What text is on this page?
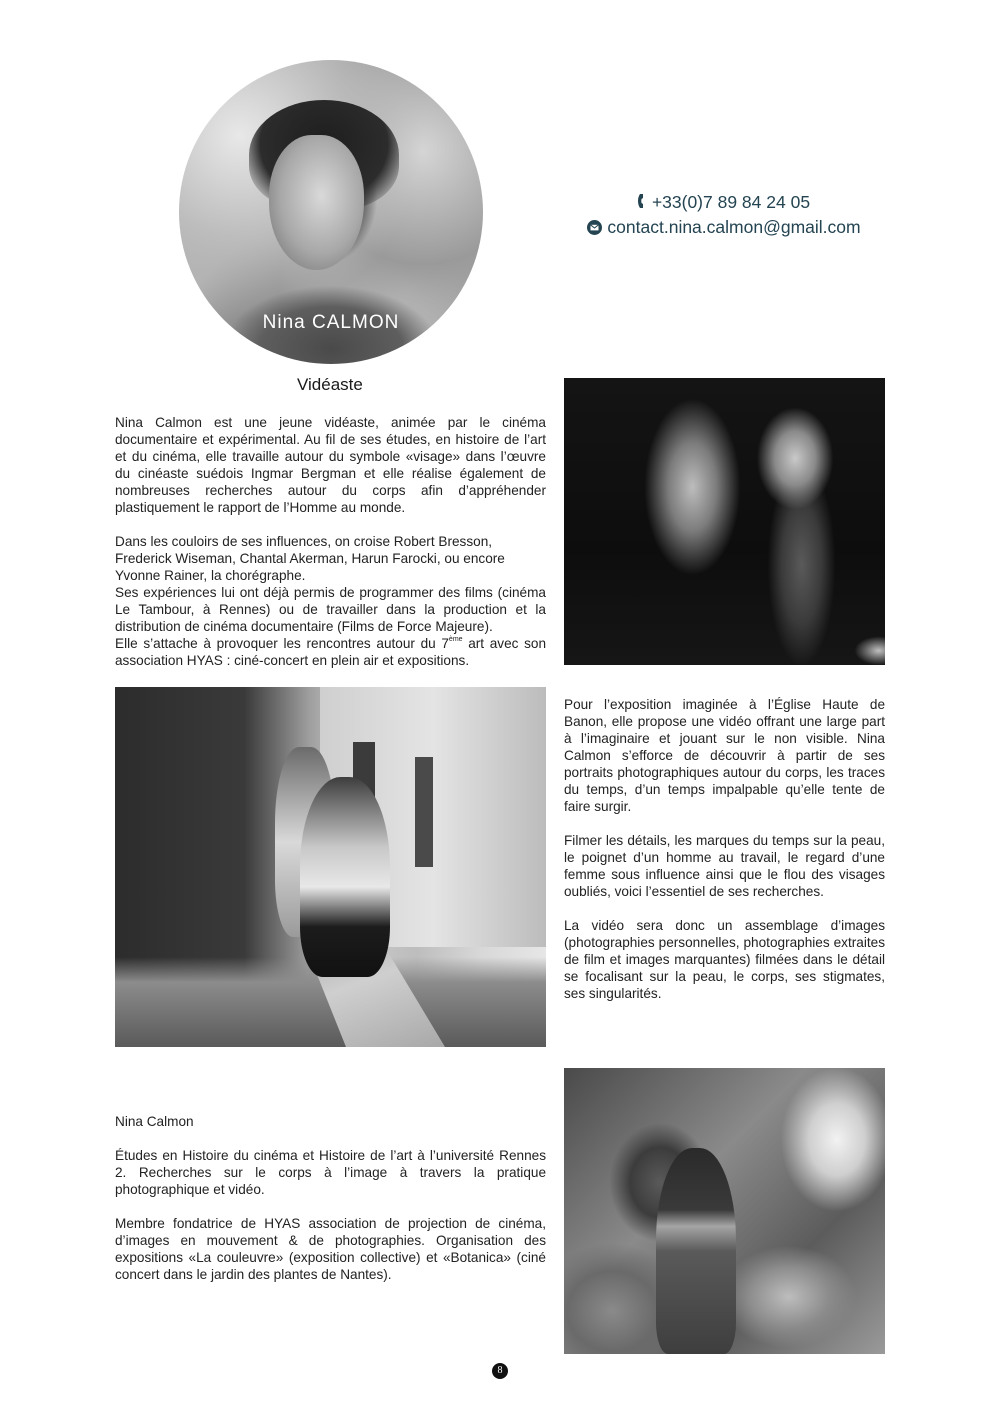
Nina CALMON
+33(0)7 89 84 24 05
contact.nina.calmon@gmail.com
Vidéaste

Nina Calmon est une jeune vidéaste, animée par le cinéma documentaire et expérimental. Au fil de ses études, en histoire de l’art et du cinéma, elle travaille autour du symbole «visage» dans l’œuvre du cinéaste suédois Ingmar Bergman et elle réalise également de nombreuses recherches autour du corps afin d’appréhender plastiquement le rapport de l’Homme au monde.

Dans les couloirs de ses influences, on croise Robert Bresson, Frederick Wiseman, Chantal Akerman, Harun Farocki, ou encore Yvonne Rainer, la chorégraphe.

Ses expériences lui ont déjà permis de programmer des films (cinéma Le Tambour, à Rennes) ou de travailler dans la production et la distribution de cinéma documentaire (Films de Force Majeure).

Elle s’attache à provoquer les rencontres autour du 7ème art avec son association HYAS : ciné-concert en plein air et expositions.

Pour l’exposition imaginée à l’Église Haute de Banon, elle propose une vidéo offrant une large part à l’imaginaire et jouant sur le non visible. Nina Calmon s’efforce de découvrir à partir de ses portraits photographiques autour du corps, les traces du temps, d’un temps impalpable qu’elle tente de faire surgir.

Filmer les détails, les marques du temps sur la peau, le poignet d’un homme au travail, le regard d’une femme sous influence ainsi que le flou des visages oubliés, voici l’essentiel de ses recherches.

La vidéo sera donc un assemblage d’images (photographies personnelles, photographies extraites de film et images marquantes) filmées dans le détail se focalisant sur la peau, le corps, ses stigmates, ses singularités.

Nina Calmon

Études en Histoire du cinéma et Histoire de l’art à l’université Rennes 2. Recherches sur le corps à l’image à travers la pratique photographique et vidéo.

Membre fondatrice de HYAS association de projection de cinéma, d’images en mouvement & de photographies. Organisation des expositions «La couleuvre» (exposition collective) et «Botanica» (ciné concert dans le jardin des plantes de Nantes).

8
